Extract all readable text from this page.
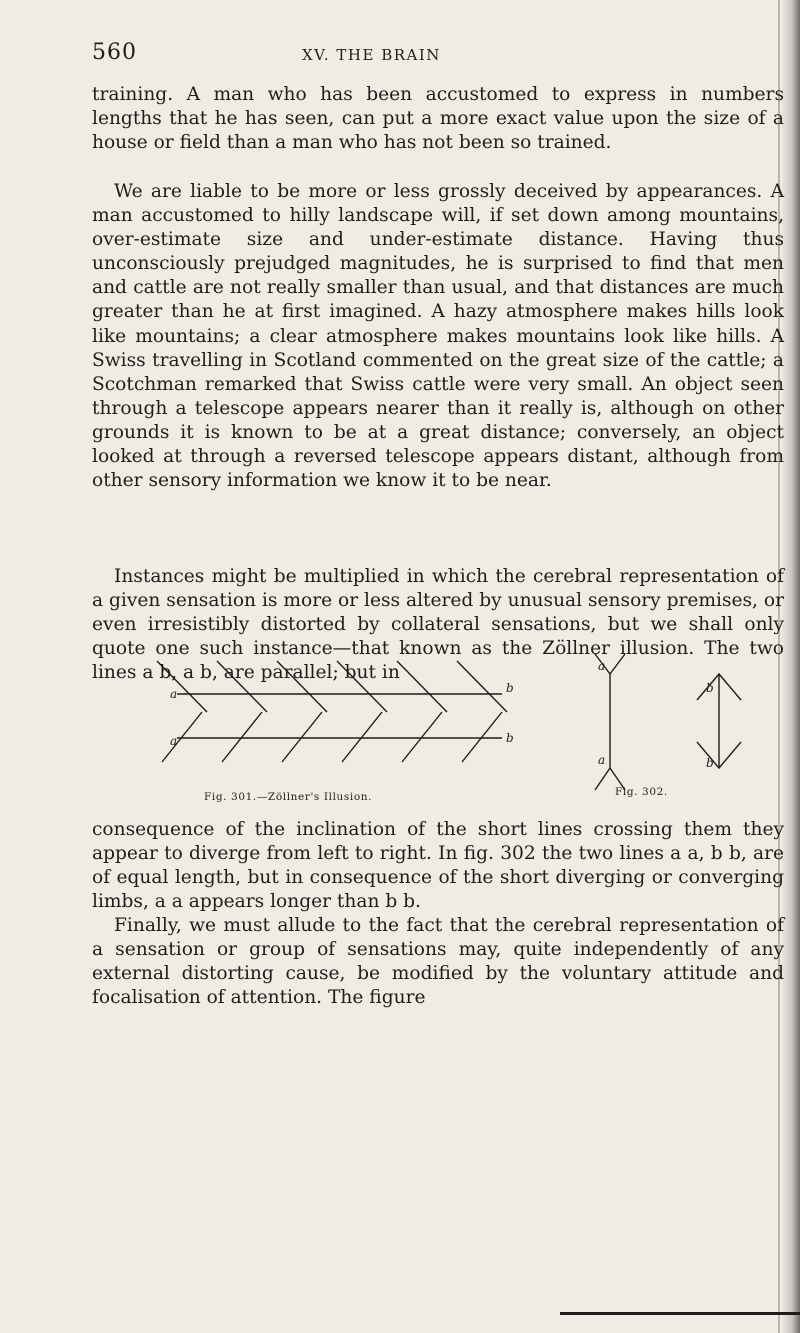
560	XV. THE BRAIN

training. A man who has been accustomed to express in numbers lengths that he has seen, can put a more exact value upon the size of a house or field than a man who has not been so trained.

We are liable to be more or less grossly deceived by appearances. A man accustomed to hilly landscape will, if set down among mountains, over-estimate size and under-estimate distance. Having thus unconsciously prejudged magnitudes, he is surprised to find that men and cattle are not really smaller than usual, and that distances are much greater than he at first imagined. A hazy atmosphere makes hills look like mountains; a clear atmosphere makes mountains look like hills. A Swiss travelling in Scotland commented on the great size of the cattle; a Scotchman remarked that Swiss cattle were very small. An object seen through a telescope appears nearer than it really is, although on other grounds it is known to be at a great distance; conversely, an object looked at through a reversed telescope appears distant, although from other sensory information we know it to be near.

Instances might be multiplied in which the cerebral representation of a given sensation is more or less altered by unusual sensory premises, or even irresistibly distorted by collateral sensations, but we shall only quote one such instance—that known as the Zöllner illusion. The two lines a b, a b, are parallel; but in

a
a
b
b
a
a
b
b
Fig. 301.—Zöllner's Illusion.	Fig. 302.

consequence of the inclination of the short lines crossing them they appear to diverge from left to right. In fig. 302 the two lines a a, b b, are of equal length, but in consequence of the short diverging or converging limbs, a a appears longer than b b.

Finally, we must allude to the fact that the cerebral representation of a sensation or group of sensations may, quite independently of any external distorting cause, be modified by the voluntary attitude and focalisation of attention. The figure
